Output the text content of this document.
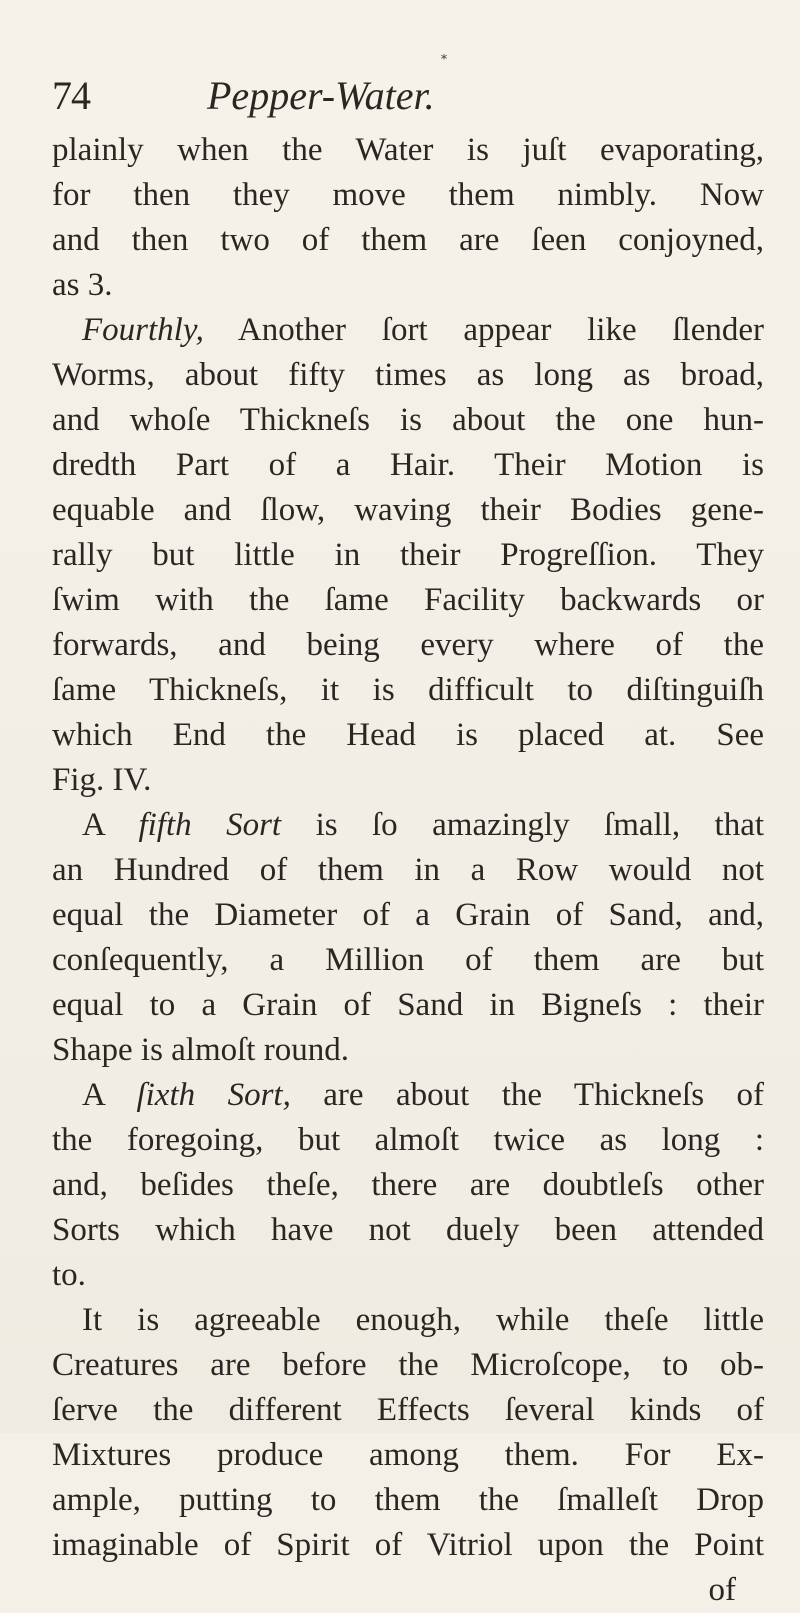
*
74	Pepper-Water.
plainly when the Water is juſt evaporating,
for then they move them nimbly. Now
and then two of them are ſeen conjoyned,
as 3.
Fourthly, Another ſort appear like ſlender
Worms, about fifty times as long as broad,
and whoſe Thickneſs is about the one hun-
dredth Part of a Hair. Their Motion is
equable and ſlow, waving their Bodies gene-
rally but little in their Progreſſion. They
ſwim with the ſame Facility backwards or
forwards, and being every where of the
ſame Thickneſs, it is difficult to diſtinguiſh
which End the Head is placed at. See
Fig. IV.
A fifth Sort is ſo amazingly ſmall, that
an Hundred of them in a Row would not
equal the Diameter of a Grain of Sand, and,
conſequently, a Million of them are but
equal to a Grain of Sand in Bigneſs : their
Shape is almoſt round.
A ſixth Sort, are about the Thickneſs of
the foregoing, but almoſt twice as long :
and, beſides theſe, there are doubtleſs other
Sorts which have not duely been attended
to.
It is agreeable enough, while theſe little
Creatures are before the Microſcope, to ob-
ſerve the different Effects ſeveral kinds of
Mixtures produce among them. For Ex-
ample, putting to them the ſmalleſt Drop
imaginable of Spirit of Vitriol upon the Point
of
